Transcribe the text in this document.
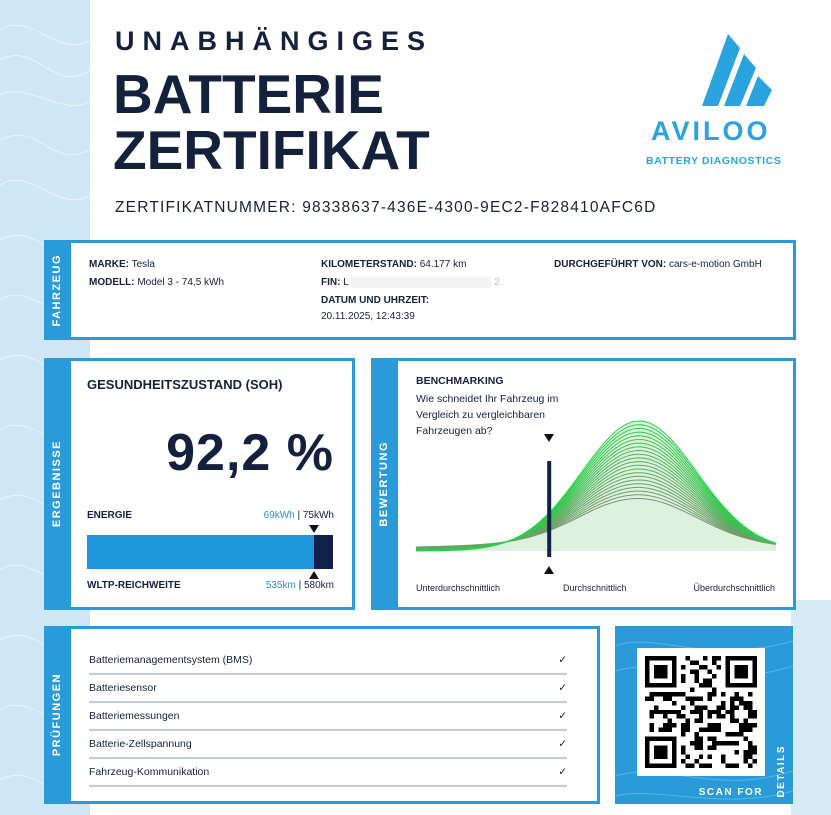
UNABHÄNGIGES
BATTERIE
ZERTIFIKAT
ZERTIFIKATNUMMER: 98338637-436E-4300-9EC2-F828410AFC6D
AVILOO
BATTERY DIAGNOSTICS
FAHRZEUG	MARKE: Tesla
MODELL: Model 3 - 74,5 kWh
KILOMETERSTAND: 64.177 km
FIN: L	2
DATUM UND UHRZEIT:
20.11.2025, 12:43:39
DURCHGEFÜHRT VON: cars-e-motion GmbH
ERGEBNISSE
GESUNDHEITSZUSTAND (SOH)
92,2 %
ENERGIE	69kWh | 75kWh
WLTP-REICHWEITE	535km | 580km
BEWERTUNG
BENCHMARKING
Wie schneidet Ihr Fahrzeug im Vergleich zu vergleichbaren Fahrzeugen ab?
Unterdurchschnittlich	Durchschnittlich	Überdurchschnittlich
PRÜFUNGEN
Batteriemanagementsystem (BMS)	✓
Batteriesensor	✓
Batteriemessungen	✓
Batterie-Zellspannung	✓
Fahrzeug-Kommunikation	✓
SCAN FOR DETAILS
